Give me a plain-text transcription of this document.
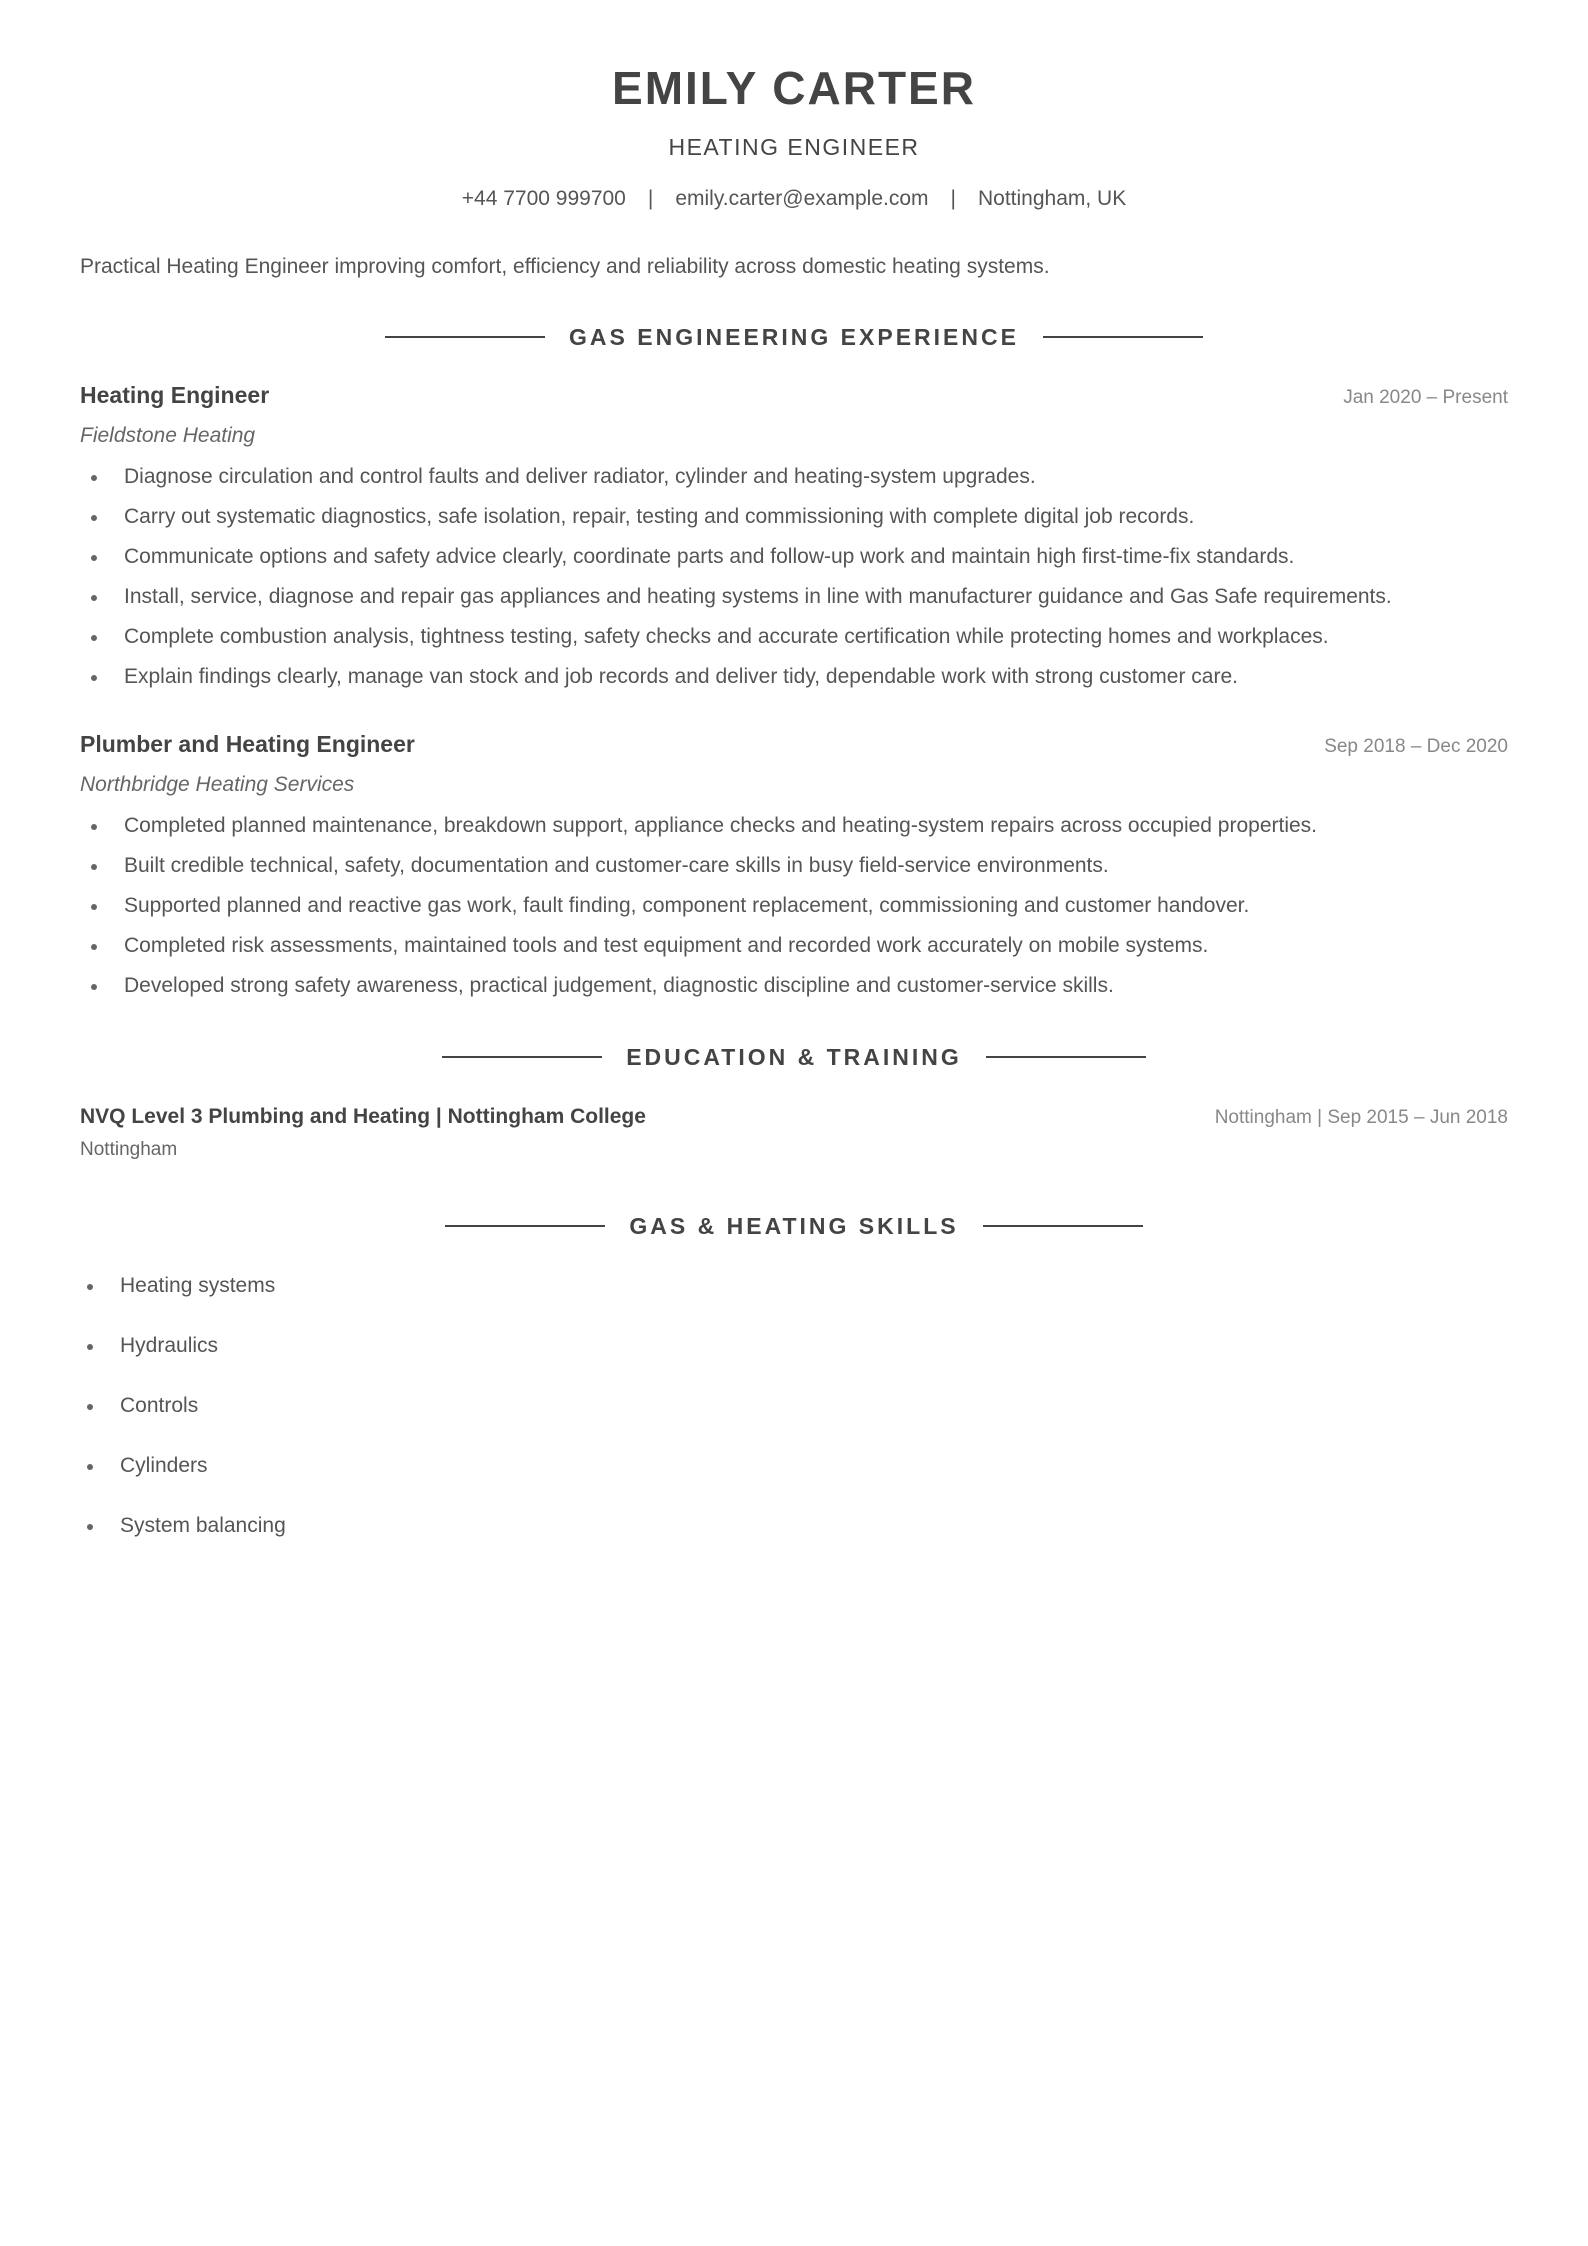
EMILY CARTER
HEATING ENGINEER
+44 7700 999700 | emily.carter@example.com | Nottingham, UK
Practical Heating Engineer improving comfort, efficiency and reliability across domestic heating systems.
GAS ENGINEERING EXPERIENCE
Heating Engineer	Jan 2020 – Present
Fieldstone Heating
Diagnose circulation and control faults and deliver radiator, cylinder and heating-system upgrades.
Carry out systematic diagnostics, safe isolation, repair, testing and commissioning with complete digital job records.
Communicate options and safety advice clearly, coordinate parts and follow-up work and maintain high first-time-fix standards.
Install, service, diagnose and repair gas appliances and heating systems in line with manufacturer guidance and Gas Safe requirements.
Complete combustion analysis, tightness testing, safety checks and accurate certification while protecting homes and workplaces.
Explain findings clearly, manage van stock and job records and deliver tidy, dependable work with strong customer care.
Plumber and Heating Engineer	Sep 2018 – Dec 2020
Northbridge Heating Services
Completed planned maintenance, breakdown support, appliance checks and heating-system repairs across occupied properties.
Built credible technical, safety, documentation and customer-care skills in busy field-service environments.
Supported planned and reactive gas work, fault finding, component replacement, commissioning and customer handover.
Completed risk assessments, maintained tools and test equipment and recorded work accurately on mobile systems.
Developed strong safety awareness, practical judgement, diagnostic discipline and customer-service skills.
EDUCATION & TRAINING
NVQ Level 3 Plumbing and Heating | Nottingham College	Nottingham | Sep 2015 – Jun 2018
Nottingham
GAS & HEATING SKILLS
Heating systems
Hydraulics
Controls
Cylinders
System balancing
